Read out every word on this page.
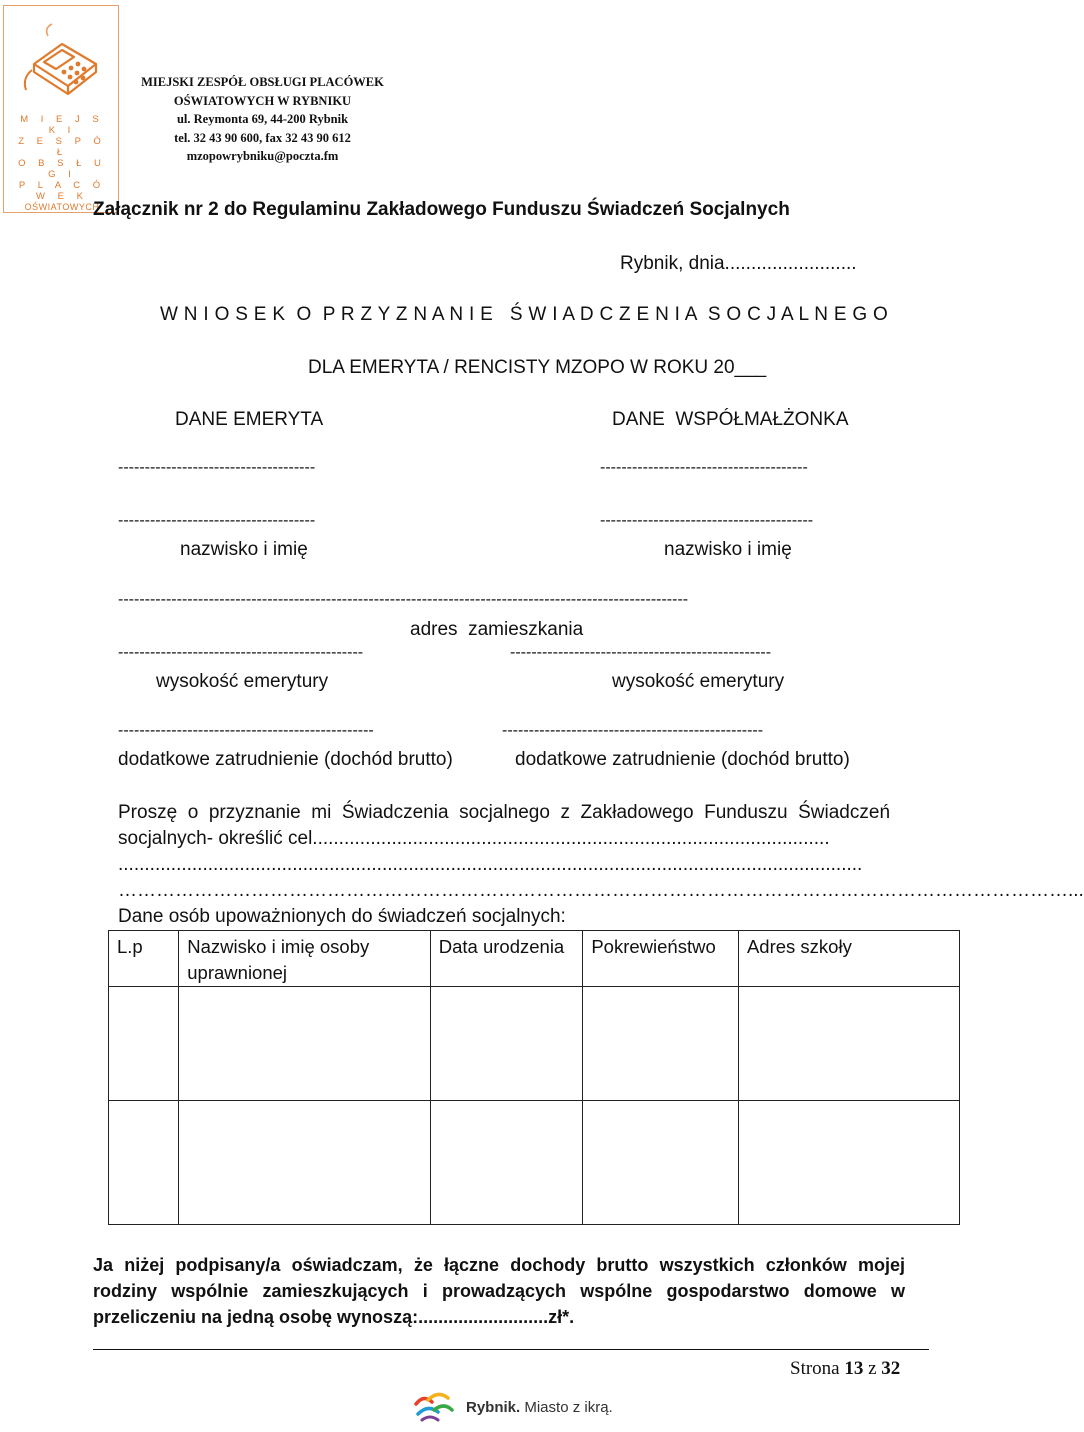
M I E J S K I
Z E S P Ó Ł
O B S Ł U G I
P L A C Ó W E K
OŚWIATOWYCH
MIEJSKI ZESPÓŁ OBSŁUGI PLACÓWEK
OŚWIATOWYCH W RYBNIKU
ul. Reymonta 69, 44-200 Rybnik
tel. 32 43 90 600, fax 32 43 90 612
mzopowrybniku@poczta.fm
Załącznik nr 2 do Regulaminu Zakładowego Funduszu Świadczeń Socjalnych
Rybnik, dnia.........................
W N I O S E K  O  P R Z Y Z N A N I E   Ś W I A D C Z E N I A  S O C J A L N E G O
DLA EMERYTA / RENCISTY MZOPO W ROKU 20___
DANE EMERYTA	DANE  WSPÓŁMAŁŻONKA
-------------------------------------	---------------------------------------
-------------------------------------	----------------------------------------
nazwisko i imię	nazwisko i imię
-----------------------------------------------------------------------------------------------------------
adres  zamieszkania
----------------------------------------------	-------------------------------------------------
wysokość emerytury	wysokość emerytury
------------------------------------------------	-------------------------------------------------
dodatkowe zatrudnienie (dochód brutto)	dodatkowe zatrudnienie (dochód brutto)
Proszę  o  przyznanie  mi  Świadczenia  socjalnego  z  Zakładowego  Funduszu  Świadczeń
socjalnych- określić cel..................................................................................................
.............................................................................................................................................
……………………………………………………………………………………………………………………………………...
Dane osób upoważnionych do świadczeń socjalnych:
L.p	Nazwisko i imię osoby uprawnionej	Data urodzenia	Pokrewieństwo	Adres szkoły

Ja niżej podpisany/a oświadczam, że łączne dochody brutto wszystkich członków mojej rodziny wspólnie zamieszkujących i prowadzących wspólne gospodarstwo domowe w przeliczeniu na jedną osobę wynoszą:..........................zł*.
Strona 13 z 32
Rybnik. Miasto z ikrą.
